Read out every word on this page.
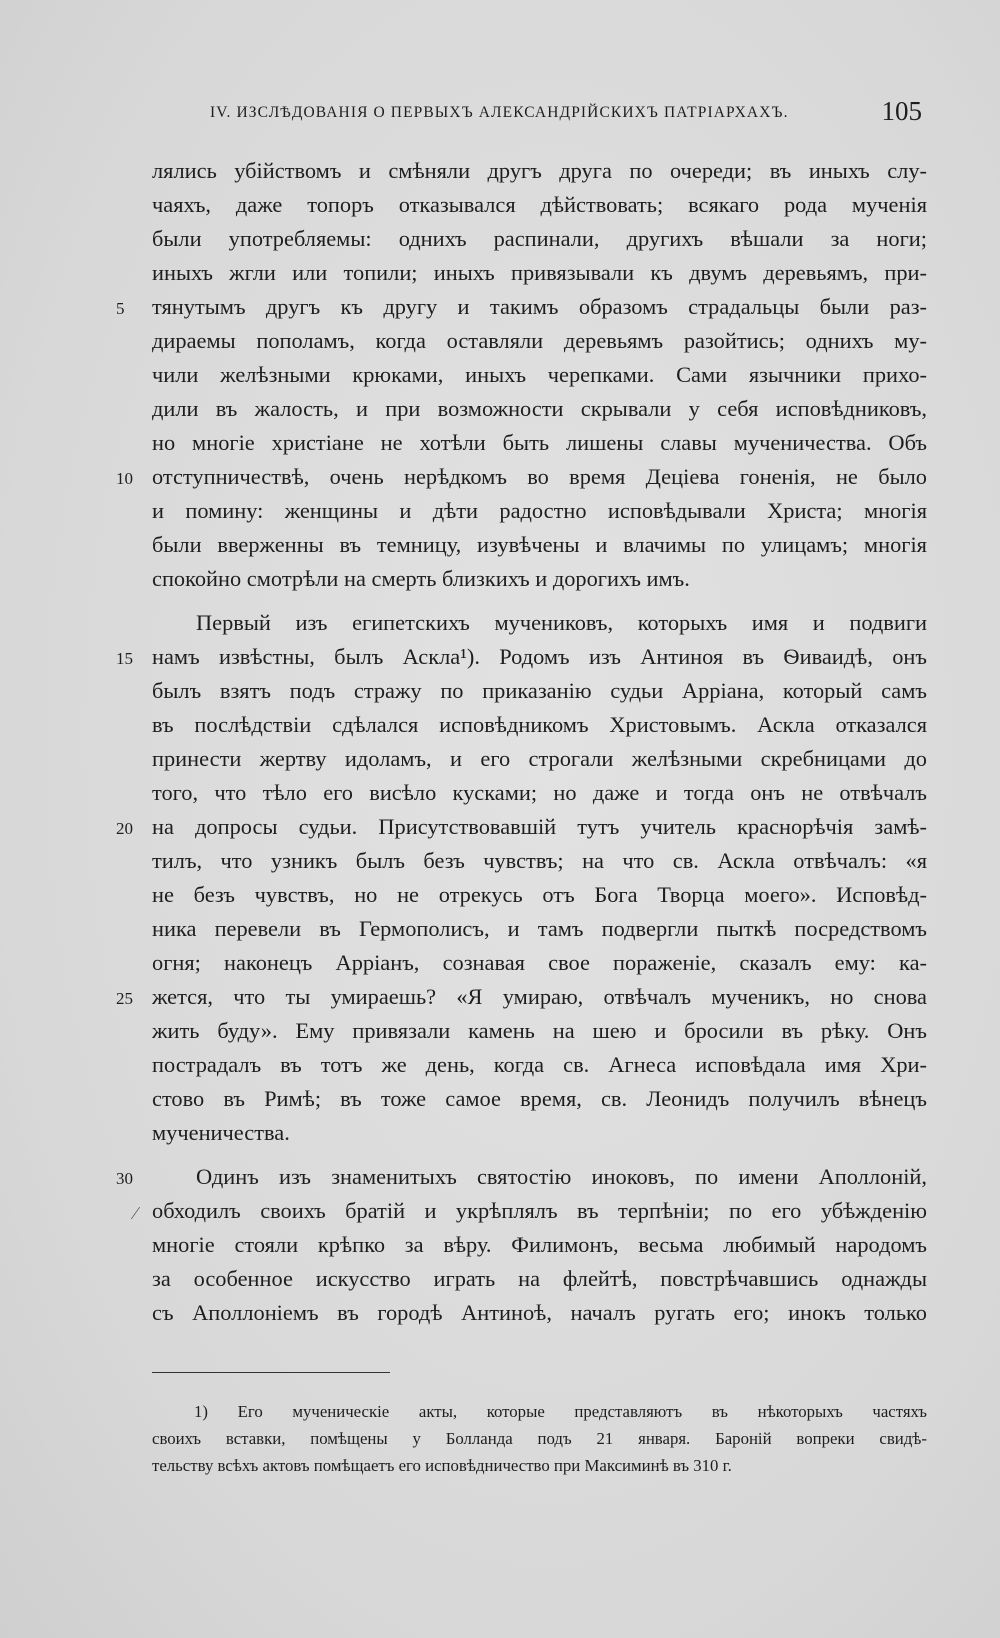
IV. ИЗСЛѢДОВАНІЯ О ПЕРВЫХЪ АЛЕКСАНДРІЙСКИХЪ ПАТРІАРХАХЪ.	105
лялись убійствомъ и смѣняли другъ друга по очереди; въ иныхъ слу-
чаяхъ, даже топоръ отказывался дѣйствовать; всякаго рода мученія
были употребляемы: однихъ распинали, другихъ вѣшали за ноги;
иныхъ жгли или топили; иныхъ привязывали къ двумъ деревьямъ, при-
тянутымъ другъ къ другу и такимъ образомъ страдальцы были раз-
дираемы пополамъ, когда оставляли деревьямъ разойтись; однихъ му-
чили желѣзными крюками, иныхъ черепками. Сами язычники прихо-
дили въ жалость, и при возможности скрывали у себя исповѣдниковъ,
но многіе христіане не хотѣли быть лишены славы мученичества. Объ
отступничествѣ, очень нерѣдкомъ во время Деціева гоненія, не было
и помину: женщины и дѣти радостно исповѣдывали Христа; многія
были вверженны въ темницу, изувѣчены и влачимы по улицамъ; многія
спокойно смотрѣли на смерть близкихъ и дорогихъ имъ.
Первый изъ египетскихъ мучениковъ, которыхъ имя и подвиги
намъ извѣстны, былъ Аскла¹). Родомъ изъ Антиноя въ Ѳиваидѣ, онъ
былъ взятъ подъ стражу по приказанію судьи Арріана, который самъ
въ послѣдствіи сдѣлался исповѣдникомъ Христовымъ. Аскла отказался
принести жертву идоламъ, и его строгали желѣзными скребницами до
того, что тѣло его висѣло кусками; но даже и тогда онъ не отвѣчалъ
на допросы судьи. Присутствовавшій тутъ учитель краснорѣчія замѣ-
тилъ, что узникъ былъ безъ чувствъ; на что св. Аскла отвѣчалъ: «я
не безъ чувствъ, но не отрекусь отъ Бога Творца моего». Исповѣд-
ника перевели въ Гермополисъ, и тамъ подвергли пыткѣ посредствомъ
огня; наконецъ Арріанъ, сознавая свое пораженіе, сказалъ ему: ка-
жется, что ты умираешь? «Я умираю, отвѣчалъ мученикъ, но снова
жить буду». Ему привязали камень на шею и бросили въ рѣку. Онъ
пострадалъ въ тотъ же день, когда св. Агнеса исповѣдала имя Хри-
стово въ Римѣ; въ тоже самое время, св. Леонидъ получилъ вѣнецъ
мученичества.
Одинъ изъ знаменитыхъ святостію иноковъ, по имени Аполлоній,
обходилъ своихъ братій и укрѣплялъ въ терпѣніи; по его убѣжденію
многіе стояли крѣпко за вѣру. Филимонъ, весьма любимый народомъ
за особенное искусство играть на флейтѣ, повстрѣчавшись однажды
съ Аполлоніемъ въ городѣ Антиноѣ, началъ ругать его; инокъ только
5
10
15
20
25
30
⁄
1) Его мученическіе акты, которые представляютъ въ нѣкоторыхъ частяхъ
своихъ вставки, помѣщены у Болланда подъ 21 января. Бароній вопреки свидѣ-
тельству всѣхъ актовъ помѣщаетъ его исповѣдничество при Максиминѣ въ 310 г.
